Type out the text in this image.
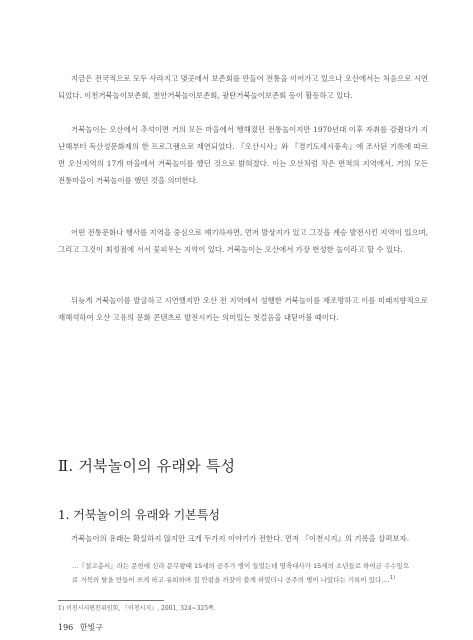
지금은 전국적으로 모두 사라지고 몇곳에서 보존회를 만들어 전통을 이어가고 있으나 오산에서는 처음으로 시연되었다. 이천거북놀이보존회, 천안거북놀이보존회, 광탄거북놀이보존회 등이 활동하고 있다.

거북놀이는 오산에서 추석이면 거의 모든 마을에서 행해졌던 전통놀이지만 1970년대 이후 자취를 감췄다가 지난해부터 독산성문화제의 한 프로그램으로 재연되었다. 『오산시사』와 『경기도세시풍속』에 조사된 기록에 따르면 오산지역의 17개 마을에서 거북놀이를 했던 것으로 밝혀졌다. 이는 오산처럼 작은 면적의 지역에서, 거의 모든 전통마을이 거북놀이를 했던 것을 의미한다.

어떤 전통문화나 행사를 지역을 중심으로 얘기하자면, 먼저 발상지가 있고 그것을 계승 발전시킨 지역이 있으며, 그리고 그것이 최정점에 서서 꽃피우는 지역이 있다. 거북놀이는 오산에서 가장 번성한 놀이라고 할 수 있다.

뒤늦게 거북놀이를 발굴하고 시연했지만 오산 전 지역에서 성행한 거북놀이를 재조명하고 이를 미래지향적으로 재해석하여 오산 고유의 문화 콘텐츠로 발전시키는 의미있는 첫걸음을 내딛어볼 때이다.

Ⅱ. 거북놀이의 유래와 특성
1. 거북놀이의 유래와 기본특성

거북놀이의 유래는 확실하지 않지만 크게 두가지 이야기가 전한다. 먼저 『이천시지』의 기록을 살펴보자.

1) 이천시지편찬위원회, 『이천시지』, 2001, 324~325쪽.

196 한빛구

…『설고총서』라는 문헌에 신라 문무왕때 15세의 공주가 병이 들었는데 명축대사가 15세의 소년들로 하여금 수수잎으로 거북의 탈을 만들어 쓰게 하고 유희하며 집 안팎을 까잣이 쓸게 하였더니 공주의 병이 나았다는 기록이 있다.…$^{1)}$
